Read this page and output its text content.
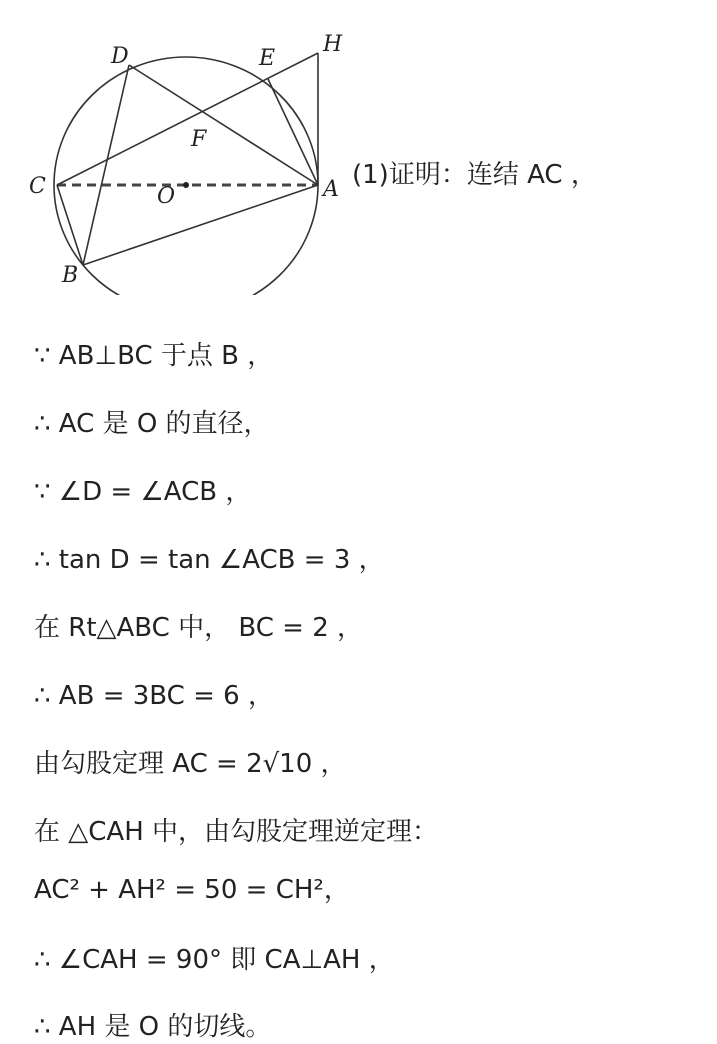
D	E
H
F
C	O	A
B
(1)证明：连结 AC ，
∵ AB⊥BC 于点 B ，
∴ AC 是 O 的直径，
∵ ∠D = ∠ACB ，
∴ tan D = tan ∠ACB = 3 ，
在 Rt△ABC 中， BC = 2 ，
∴ AB = 3BC = 6 ，
由勾股定理 AC = 2√10 ，
在 △CAH 中，由勾股定理逆定理：
AC² + AH² = 50 = CH²，
∴ ∠CAH = 90° 即 CA⊥AH ，
∴ AH 是 O 的切线。
